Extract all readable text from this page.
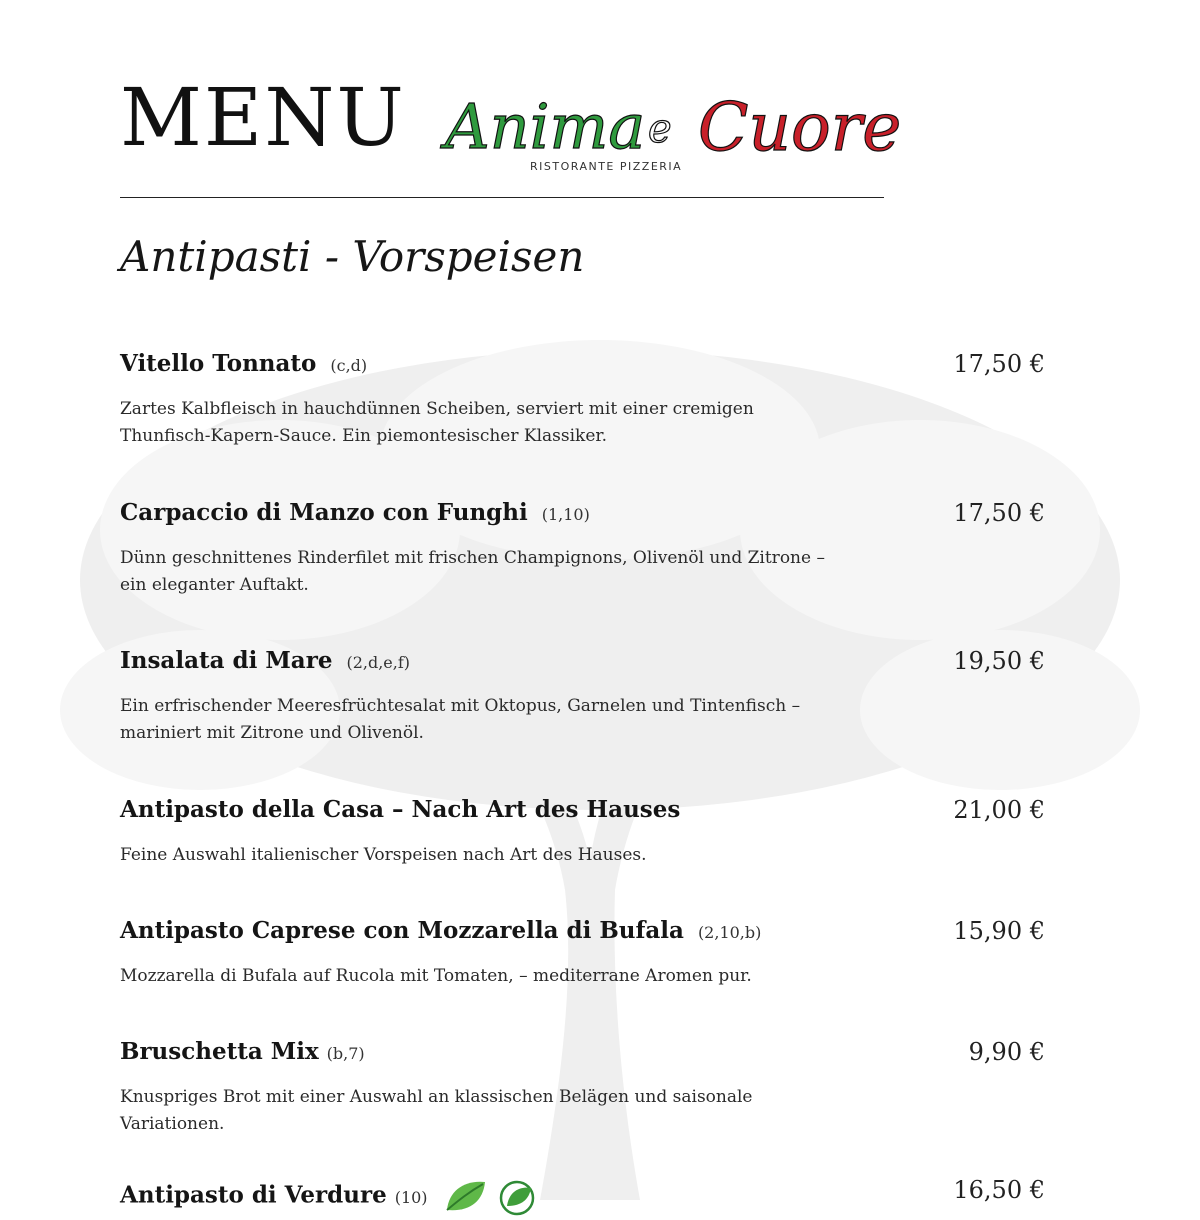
MENU Anima e Cuore
RISTORANTE PIZZERIA
Antipasti - Vorspeisen
Vitello Tonnato (c,d)	17,50 €
Zartes Kalbfleisch in hauchdünnen Scheiben, serviert mit einer cremigen Thunfisch-Kapern-Sauce. Ein piemontesischer Klassiker.
Carpaccio di Manzo con Funghi (1,10)	17,50 €
Dünn geschnittenes Rinderfilet mit frischen Champignons, Olivenöl und Zitrone – ein eleganter Auftakt.
Insalata di Mare (2,d,e,f)	19,50 €
Ein erfrischender Meeresfrüchtesalat mit Oktopus, Garnelen und Tintenfisch – mariniert mit Zitrone und Olivenöl.
Antipasto della Casa – Nach Art des Hauses	21,00 €
Feine Auswahl italienischer Vorspeisen nach Art des Hauses.
Antipasto Caprese con Mozzarella di Bufala (2,10,b)	15,90 €
Mozzarella di Bufala auf Rucola mit Tomaten, – mediterrane Aromen pur.
Bruschetta Mix (b,7)	9,90 €
Knuspriges Brot mit einer Auswahl an klassischen Belägen und saisonale Variationen.
Antipasto di Verdure (10)	16,50 €
